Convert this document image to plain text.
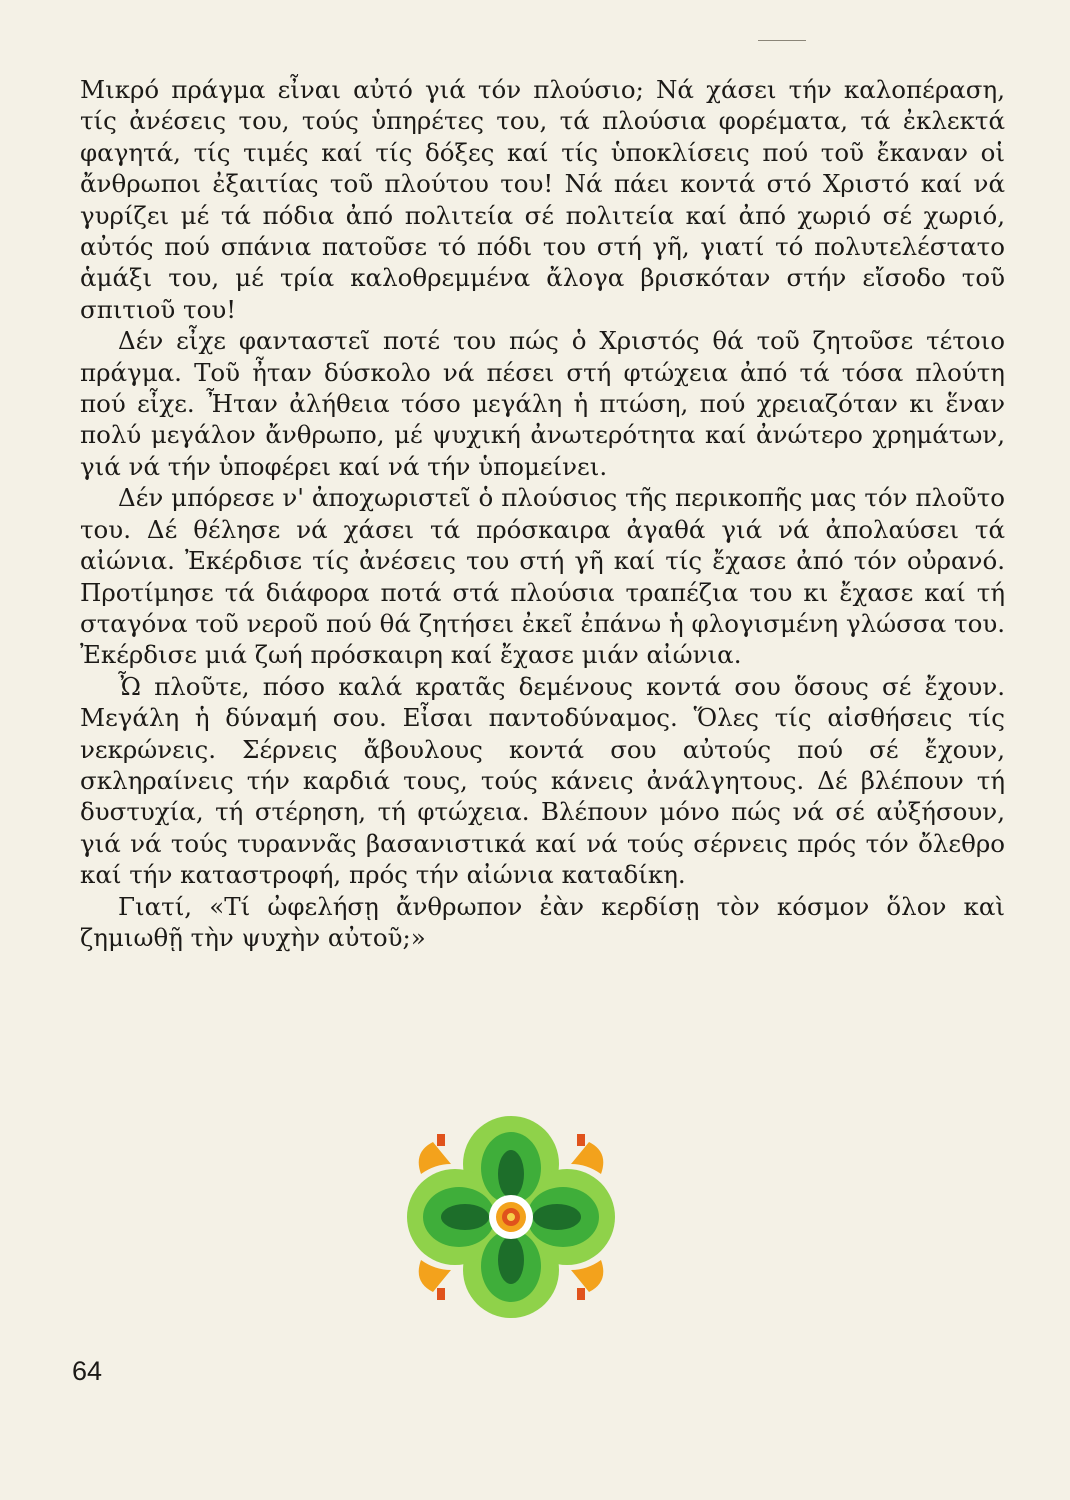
Μικρό πράγμα εἶναι αὐτό γιά τόν πλούσιο; Νά χάσει τήν καλοπέραση, τίς ἀνέσεις του, τούς ὑπηρέτες του, τά πλούσια φορέματα, τά ἐκλεκτά φαγητά, τίς τιμές καί τίς δόξες καί τίς ὑποκλίσεις πού τοῦ ἔκαναν οἱ ἄνθρωποι ἐξαιτίας τοῦ πλούτου του! Νά πάει κοντά στό Χριστό καί νά γυρίζει μέ τά πόδια ἀπό πολιτεία σέ πολιτεία καί ἀπό χωριό σέ χωριό, αὐτός πού σπάνια πατοῦσε τό πόδι του στή γῆ, γιατί τό πολυτελέστατο ἁμάξι του, μέ τρία καλοθρεμμένα ἄλογα βρισκόταν στήν εἴσοδο τοῦ σπιτιοῦ του!

Δέν εἶχε φανταστεῖ ποτέ του πώς ὁ Χριστός θά τοῦ ζητοῦσε τέτοιο πράγμα. Τοῦ ἦταν δύσκολο νά πέσει στή φτώχεια ἀπό τά τόσα πλούτη πού εἶχε. Ἦταν ἀλήθεια τόσο μεγάλη ἡ πτώση, πού χρειαζόταν κι ἕναν πολύ μεγάλον ἄνθρωπο, μέ ψυχική ἀνωτερότητα καί ἀνώτερο χρημάτων, γιά νά τήν ὑποφέρει καί νά τήν ὑπομείνει.

Δέν μπόρεσε ν' ἀποχωριστεῖ ὁ πλούσιος τῆς περικοπῆς μας τόν πλοῦτο του. Δέ θέλησε νά χάσει τά πρόσκαιρα ἀγαθά γιά νά ἀπολαύσει τά αἰώνια. Ἐκέρδισε τίς ἀνέσεις του στή γῆ καί τίς ἔχασε ἀπό τόν οὐρανό. Προτίμησε τά διάφορα ποτά στά πλούσια τραπέζια του κι ἔχασε καί τή σταγόνα τοῦ νεροῦ πού θά ζητήσει ἐκεῖ ἐπάνω ἡ φλογισμένη γλώσσα του. Ἐκέρδισε μιά ζωή πρόσκαιρη καί ἔχασε μιάν αἰώνια.

Ὦ πλοῦτε, πόσο καλά κρατᾶς δεμένους κοντά σου ὅσους σέ ἔχουν. Μεγάλη ἡ δύναμή σου. Εἶσαι παντοδύναμος. Ὅλες τίς αἰσθήσεις τίς νεκρώνεις. Σέρνεις ἄβουλους κοντά σου αὐτούς πού σέ ἔχουν, σκληραίνεις τήν καρδιά τους, τούς κάνεις ἀνάλγητους. Δέ βλέπουν τή δυστυχία, τή στέρηση, τή φτώχεια. Βλέπουν μόνο πώς νά σέ αὐξήσουν, γιά νά τούς τυραννᾶς βασανιστικά καί νά τούς σέρνεις πρός τόν ὄλεθρο καί τήν καταστροφή, πρός τήν αἰώνια καταδίκη.

Γιατί, «Τί ὠφελήσῃ ἄνθρωπον ἐὰν κερδίσῃ τὸν κόσμον ὅλον καὶ ζημιωθῇ τὴν ψυχὴν αὐτοῦ;»

64
